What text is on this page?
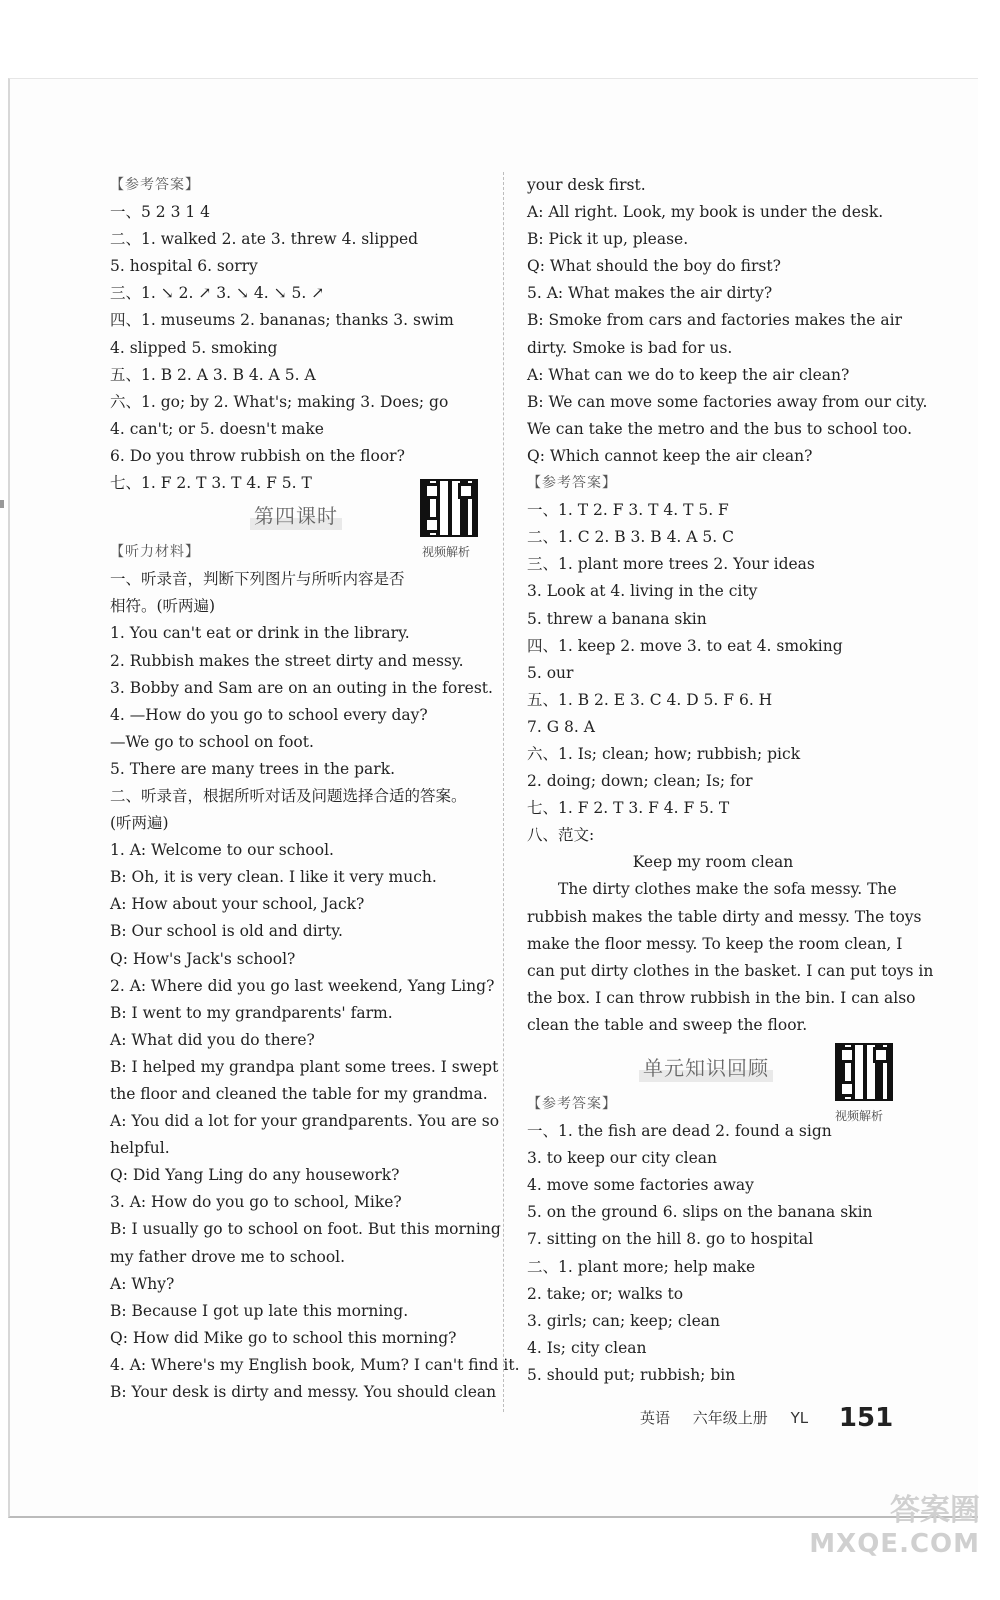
【参考答案】
一、5 2 3 1 4
二、1. walked 2. ate 3. threw 4. slipped
5. hospital 6. sorry
三、1. ↘ 2. ↗ 3. ↘ 4. ↘ 5. ↗
四、1. museums 2. bananas; thanks 3. swim
4. slipped 5. smoking
五、1. B 2. A 3. B 4. A 5. A
六、1. go; by 2. What's; making 3. Does; go
4. can't; or 5. doesn't make
6. Do you throw rubbish on the floor?
七、1. F 2. T 3. T 4. F 5. T
第四课时
视频解析
【听力材料】
一、听录音，判断下列图片与所听内容是否
相符。(听两遍)
1. You can't eat or drink in the library.
2. Rubbish makes the street dirty and messy.
3. Bobby and Sam are on an outing in the forest.
4. —How do you go to school every day?
—We go to school on foot.
5. There are many trees in the park.
二、听录音，根据所听对话及问题选择合适的答案。
(听两遍)
1. A: Welcome to our school.
B: Oh, it is very clean. I like it very much.
A: How about your school, Jack?
B: Our school is old and dirty.
Q: How's Jack's school?
2. A: Where did you go last weekend, Yang Ling?
B: I went to my grandparents' farm.
A: What did you do there?
B: I helped my grandpa plant some trees. I swept
the floor and cleaned the table for my grandma.
A: You did a lot for your grandparents. You are so
helpful.
Q: Did Yang Ling do any housework?
3. A: How do you go to school, Mike?
B: I usually go to school on foot. But this morning
my father drove me to school.
A: Why?
B: Because I got up late this morning.
Q: How did Mike go to school this morning?
4. A: Where's my English book, Mum? I can't find it.
B: Your desk is dirty and messy. You should clean
your desk first.
A: All right. Look, my book is under the desk.
B: Pick it up, please.
Q: What should the boy do first?
5. A: What makes the air dirty?
B: Smoke from cars and factories makes the air
dirty. Smoke is bad for us.
A: What can we do to keep the air clean?
B: We can move some factories away from our city.
We can take the metro and the bus to school too.
Q: Which cannot keep the air clean?
【参考答案】
一、1. T 2. F 3. T 4. T 5. F
二、1. C 2. B 3. B 4. A 5. C
三、1. plant more trees 2. Your ideas
3. Look at 4. living in the city
5. threw a banana skin
四、1. keep 2. move 3. to eat 4. smoking
5. our
五、1. B 2. E 3. C 4. D 5. F 6. H
7. G 8. A
六、1. Is; clean; how; rubbish; pick
2. doing; down; clean; Is; for
七、1. F 2. T 3. F 4. F 5. T
八、范文:
Keep my room clean
The dirty clothes make the sofa messy. The
rubbish makes the table dirty and messy. The toys
make the floor messy. To keep the room clean, I
can put dirty clothes in the basket. I can put toys in
the box. I can throw rubbish in the bin. I can also
clean the table and sweep the floor.
单元知识回顾
视频解析
【参考答案】
一、1. the fish are dead 2. found a sign
3. to keep our city clean
4. move some factories away
5. on the ground 6. slips on the banana skin
7. sitting on the hill 8. go to hospital
二、1. plant more; help make
2. take; or; walks to
3. girls; can; keep; clean
4. Is; city clean
5. should put; rubbish; bin
英语 六年级上册 YL 151
答案圈
MXQE.COM
